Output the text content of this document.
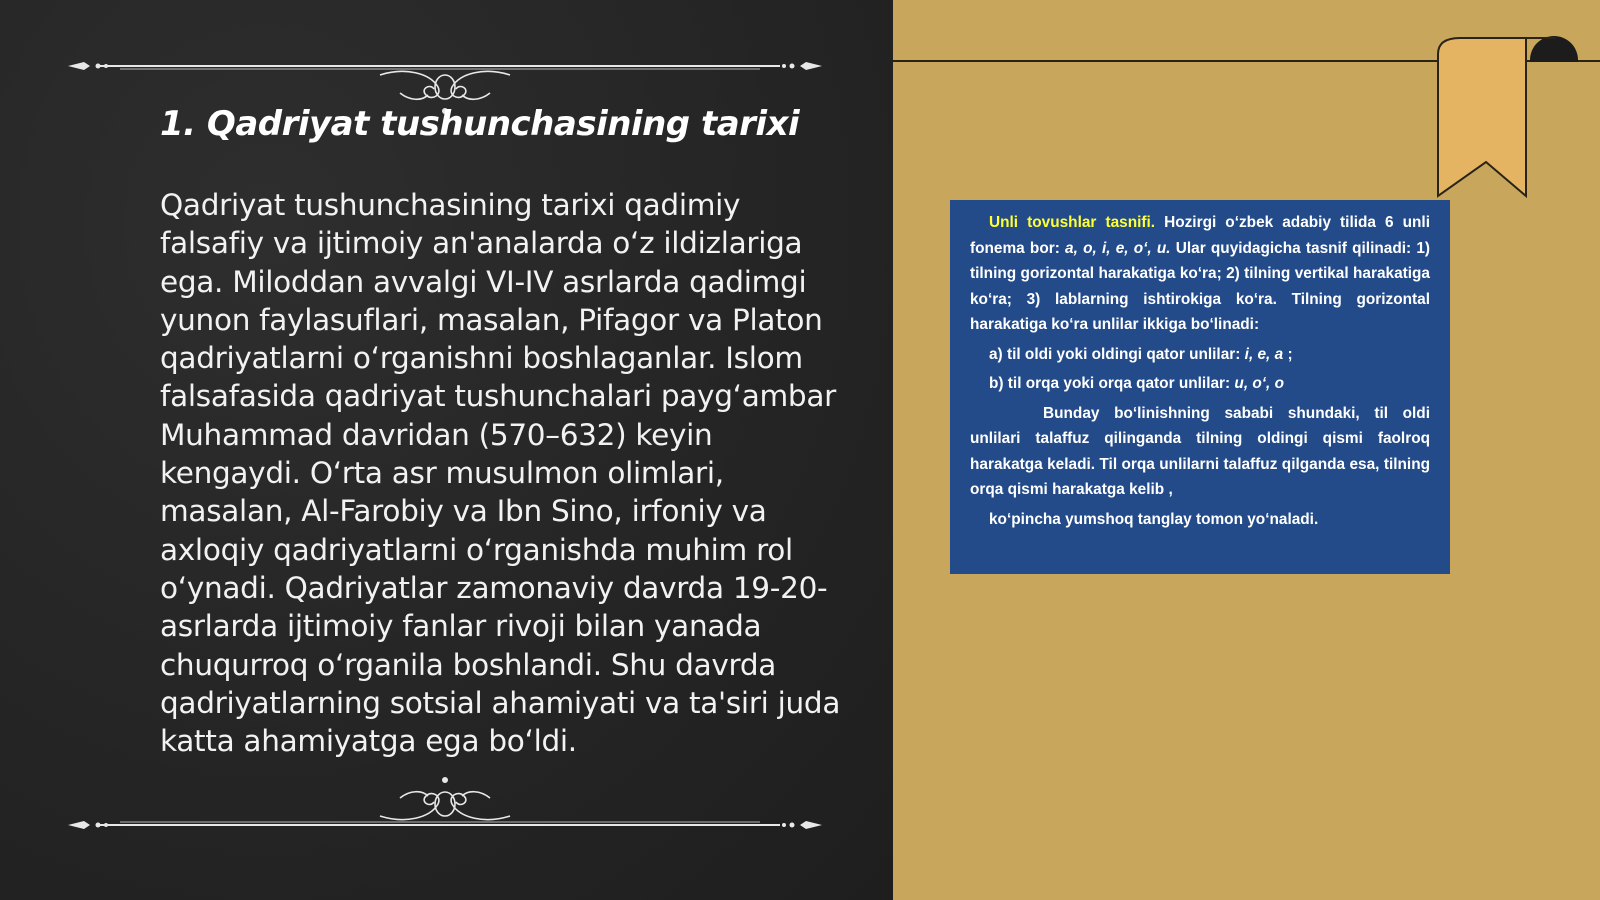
1. Qadriyat tushunchasining tarixi

Qadriyat tushunchasining tarixi qadimiy falsafiy va ijtimoiy an'analarda oʻz ildizlariga ega. Miloddan avvalgi VI-IV asrlarda qadimgi yunon faylasuflari, masalan, Pifagor va Platon qadriyatlarni oʻrganishni boshlaganlar. Islom falsafasida qadriyat tushunchalari paygʻambar Muhammad davridan (570–632) keyin kengaydi. Oʻrta asr musulmon olimlari, masalan, Al-Farobiy va Ibn Sino, irfoniy va axloqiy qadriyatlarni oʻrganishda muhim rol oʻynadi. Qadriyatlar zamonaviy davrda 19-20-asrlarda ijtimoiy fanlar rivoji bilan yanada chuqurroq oʻrganila boshlandi. Shu davrda qadriyatlarning sotsial ahamiyati va ta'siri juda katta ahamiyatga ega boʻldi.

Unli tovushlar tasnifi. Hozirgi oʻzbek adabiy tilida 6 unli fonema bor: a, o, i, e, oʻ, u. Ular quyidagicha tasnif qilinadi: 1) tilning gorizontal harakatiga koʻra; 2) tilning vertikal harakatiga koʻra; 3) lablarning ishtirokiga koʻra. Tilning gorizontal harakatiga koʻra unlilar ikkiga boʻlinadi:

a) til oldi yoki oldingi qator unlilar: i, e, a ;

b) til orqa yoki orqa qator unlilar: u, oʻ, o

Bunday boʻlinishning sababi shundaki, til oldi unlilari talaffuz qilinganda tilning oldingi qismi faolroq harakatga keladi. Til orqa unlilarni talaffuz qilganda esa, tilning orqa qismi harakatga kelib ,

koʻpincha yumshoq tanglay tomon yoʻnaladi.
